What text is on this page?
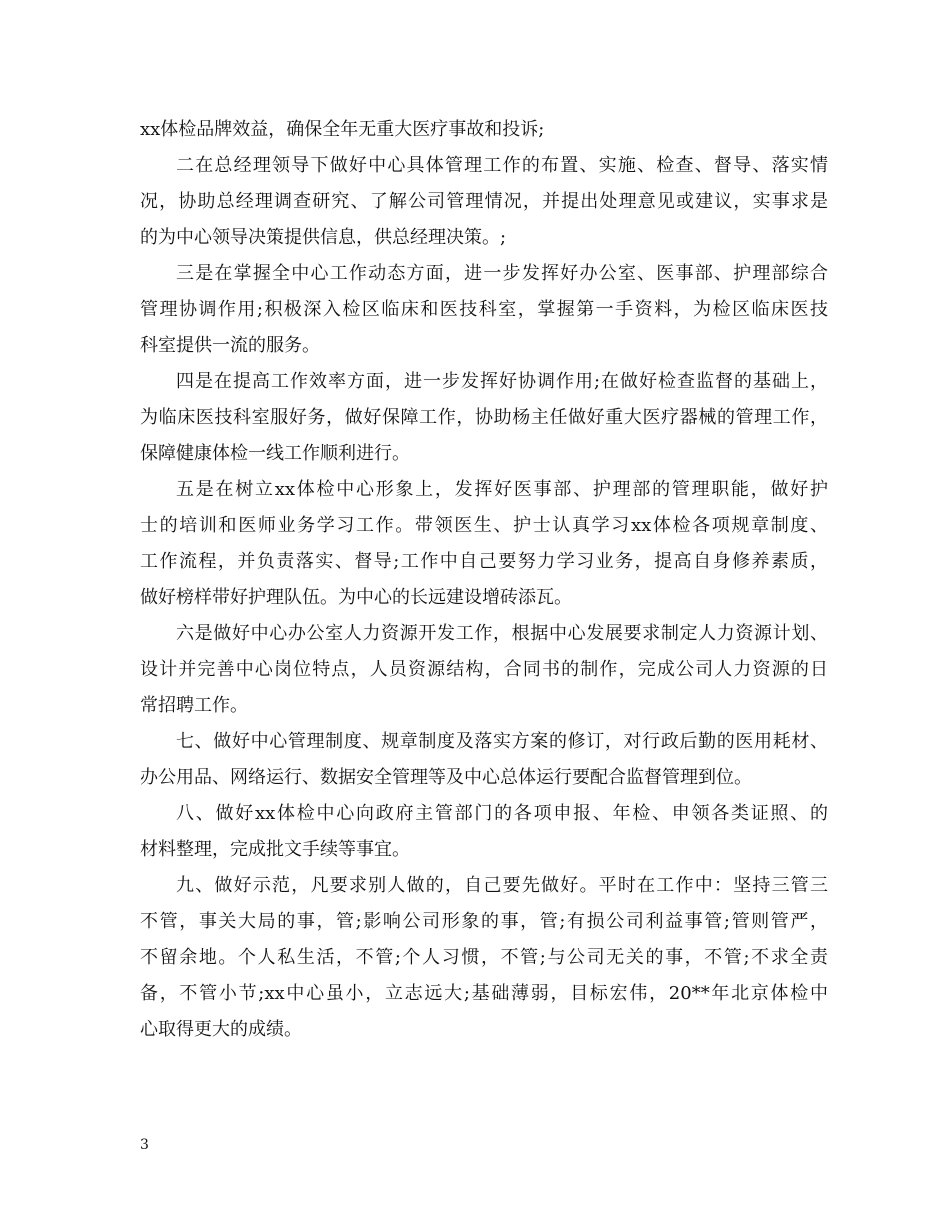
xx体检品牌效益，确保全年无重大医疗事故和投诉;
二在总经理领导下做好中心具体管理工作的布置、实施、检查、督导、落实情
况，协助总经理调查研究、了解公司管理情况，并提出处理意见或建议，实事求是
的为中心领导决策提供信息，供总经理决策。;
三是在掌握全中心工作动态方面，进一步发挥好办公室、医事部、护理部综合
管理协调作用;积极深入检区临床和医技科室，掌握第一手资料，为检区临床医技
科室提供一流的服务。
四是在提高工作效率方面，进一步发挥好协调作用;在做好检查监督的基础上，
为临床医技科室服好务，做好保障工作，协助杨主任做好重大医疗器械的管理工作，
保障健康体检一线工作顺利进行。
五是在树立xx体检中心形象上，发挥好医事部、护理部的管理职能，做好护
士的培训和医师业务学习工作。带领医生、护士认真学习xx体检各项规章制度、
工作流程，并负责落实、督导;工作中自己要努力学习业务，提高自身修养素质，
做好榜样带好护理队伍。为中心的长远建设增砖添瓦。
六是做好中心办公室人力资源开发工作，根据中心发展要求制定人力资源计划、
设计并完善中心岗位特点，人员资源结构，合同书的制作，完成公司人力资源的日
常招聘工作。
七、做好中心管理制度、规章制度及落实方案的修订，对行政后勤的医用耗材、
办公用品、网络运行、数据安全管理等及中心总体运行要配合监督管理到位。
八、做好xx体检中心向政府主管部门的各项申报、年检、申领各类证照、的
材料整理，完成批文手续等事宜。
九、做好示范，凡要求别人做的，自己要先做好。平时在工作中：坚持三管三
不管，事关大局的事，管;影响公司形象的事，管;有损公司利益事管;管则管严，
不留余地。个人私生活，不管;个人习惯，不管;与公司无关的事，不管;不求全责
备，不管小节;xx中心虽小，立志远大;基础薄弱，目标宏伟，20**年北京体检中
心取得更大的成绩。
3
